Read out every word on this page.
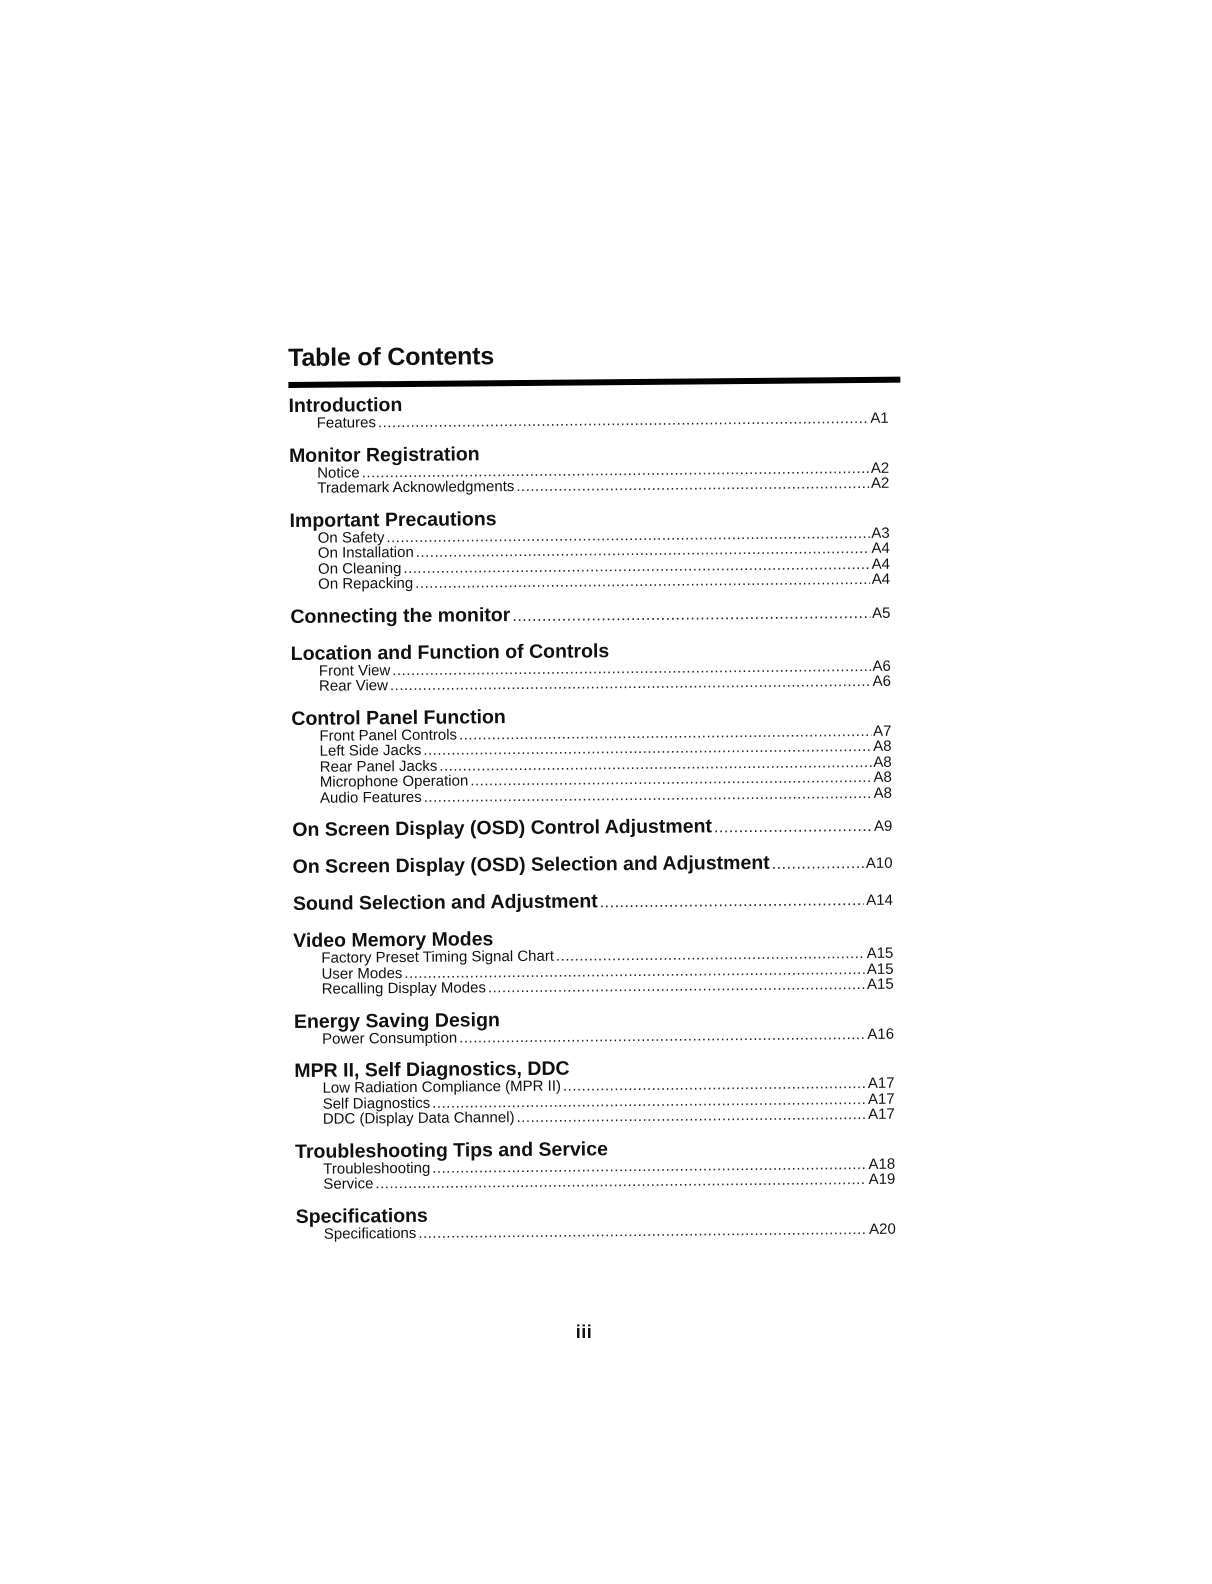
Table of Contents
Introduction
Features .....	A1
Monitor Registration
Notice .....	A2
Trademark Acknowledgments .....	A2
Important Precautions
On Safety .....	A3
On Installation .....	A4
On Cleaning .....	A4
On Repacking .....	A4
Connecting the monitor .....	A5
Location and Function of Controls
Front View .....	A6
Rear View .....	A6
Control Panel Function
Front Panel Controls .....	A7
Left Side Jacks .....	A8
Rear Panel Jacks .....	A8
Microphone Operation .....	A8
Audio Features .....	A8
On Screen Display (OSD) Control Adjustment .....	A9
On Screen Display (OSD) Selection and Adjustment .....	A10
Sound Selection and Adjustment .....	A14
Video Memory Modes
Factory Preset Timing Signal Chart .....	A15
User Modes .....	A15
Recalling Display Modes .....	A15
Energy Saving Design
Power Consumption .....	A16
MPR II, Self Diagnostics, DDC
Low Radiation Compliance (MPR II) .....	A17
Self Diagnostics .....	A17
DDC (Display Data Channel) .....	A17
Troubleshooting Tips and Service
Troubleshooting .....	A18
Service .....	A19
Specifications
Specifications .....	A20
iii
